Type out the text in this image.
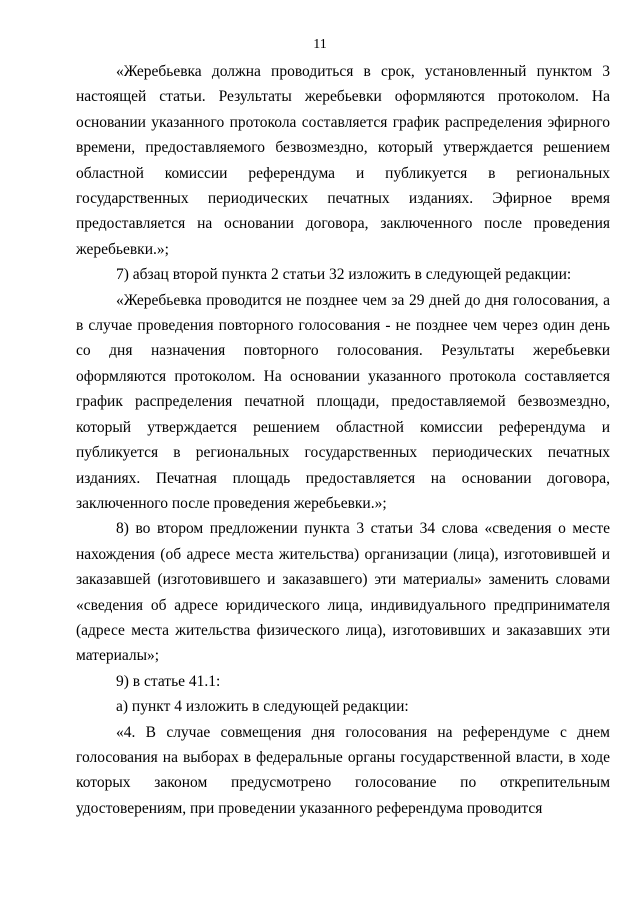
11

«Жеребьевка должна проводиться в срок, установленный пунктом 3 настоящей статьи. Результаты жеребьевки оформляются протоколом. На основании указанного протокола составляется график распределения эфирного времени, предоставляемого безвозмездно, который утверждается решением областной комиссии референдума и публикуется в региональных государственных периодических печатных изданиях. Эфирное время предоставляется на основании договора, заключенного после проведения жеребьевки.»;

7) абзац второй пункта 2 статьи 32 изложить в следующей редакции:

«Жеребьевка проводится не позднее чем за 29 дней до дня голосования, а в случае проведения повторного голосования - не позднее чем через один день со дня назначения повторного голосования. Результаты жеребьевки оформляются протоколом. На основании указанного протокола составляется график распределения печатной площади, предоставляемой безвозмездно, который утверждается решением областной комиссии референдума и публикуется в региональных государственных периодических печатных изданиях. Печатная площадь предоставляется на основании договора, заключенного после проведения жеребьевки.»;

8) во втором предложении пункта 3 статьи 34 слова «сведения о месте нахождения (об адресе места жительства) организации (лица), изготовившей и заказавшей (изготовившего и заказавшего) эти материалы» заменить словами «сведения об адресе юридического лица, индивидуального предпринимателя (адресе места жительства физического лица), изготовивших и заказавших эти материалы»;

9) в статье 41.1:

а) пункт 4 изложить в следующей редакции:

«4. В случае совмещения дня голосования на референдуме с днем голосования на выборах в федеральные органы государственной власти, в ходе которых законом предусмотрено голосование по открепительным удостоверениям, при проведении указанного референдума проводится
